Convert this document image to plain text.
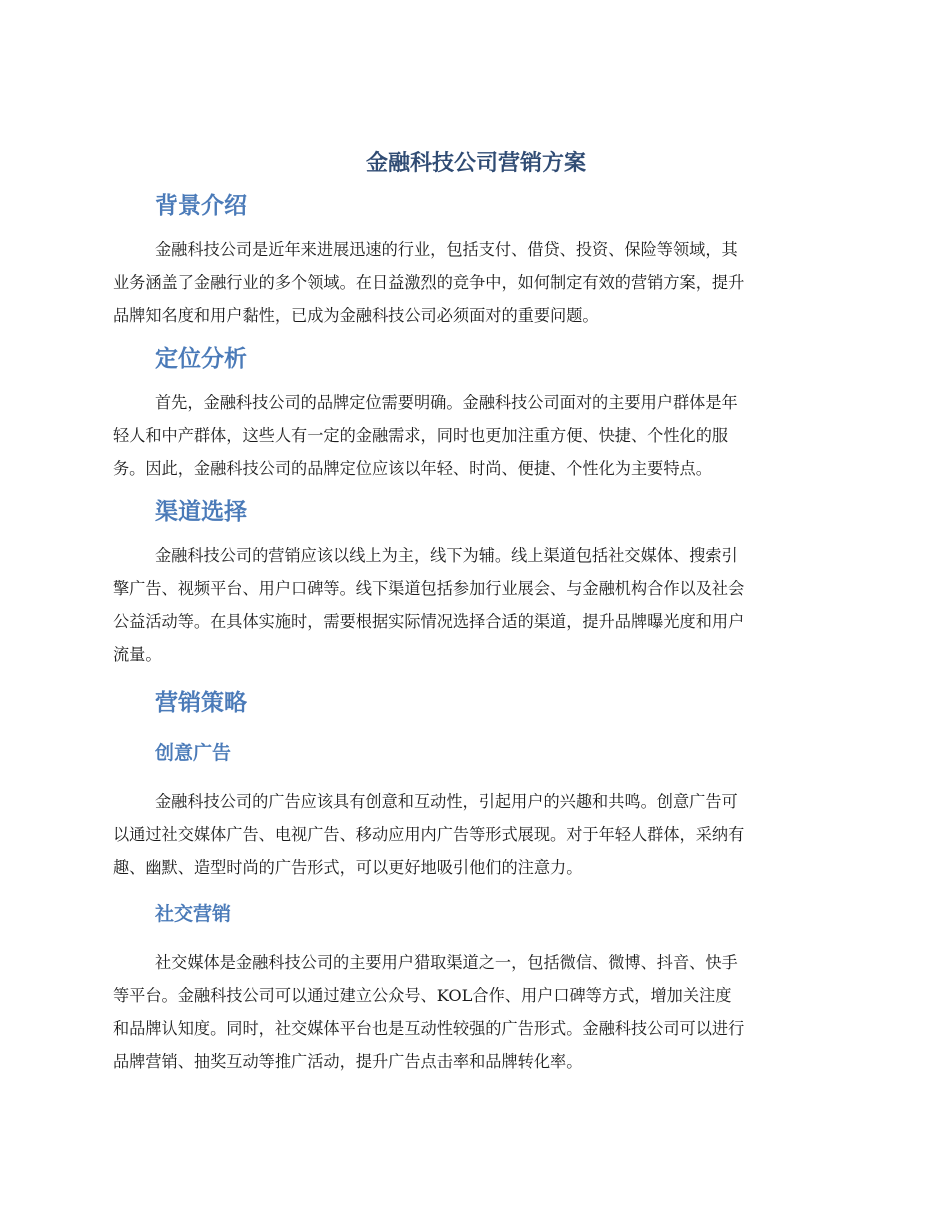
金融科技公司营销方案
背景介绍

金融科技公司是近年来进展迅速的行业，包括支付、借贷、投资、保险等领域，其
业务涵盖了金融行业的多个领域。在日益激烈的竞争中，如何制定有效的营销方案，提升
品牌知名度和用户黏性，已成为金融科技公司必须面对的重要问题。

定位分析

首先，金融科技公司的品牌定位需要明确。金融科技公司面对的主要用户群体是年
轻人和中产群体，这些人有一定的金融需求，同时也更加注重方便、快捷、个性化的服
务。因此，金融科技公司的品牌定位应该以年轻、时尚、便捷、个性化为主要特点。

渠道选择

金融科技公司的营销应该以线上为主，线下为辅。线上渠道包括社交媒体、搜索引
擎广告、视频平台、用户口碑等。线下渠道包括参加行业展会、与金融机构合作以及社会
公益活动等。在具体实施时，需要根据实际情况选择合适的渠道，提升品牌曝光度和用户
流量。

营销策略
创意广告

金融科技公司的广告应该具有创意和互动性，引起用户的兴趣和共鸣。创意广告可
以通过社交媒体广告、电视广告、移动应用内广告等形式展现。对于年轻人群体，采纳有
趣、幽默、造型时尚的广告形式，可以更好地吸引他们的注意力。

社交营销

社交媒体是金融科技公司的主要用户猎取渠道之一，包括微信、微博、抖音、快手
等平台。金融科技公司可以通过建立公众号、KOL合作、用户口碑等方式，增加关注度
和品牌认知度。同时，社交媒体平台也是互动性较强的广告形式。金融科技公司可以进行
品牌营销、抽奖互动等推广活动，提升广告点击率和品牌转化率。
